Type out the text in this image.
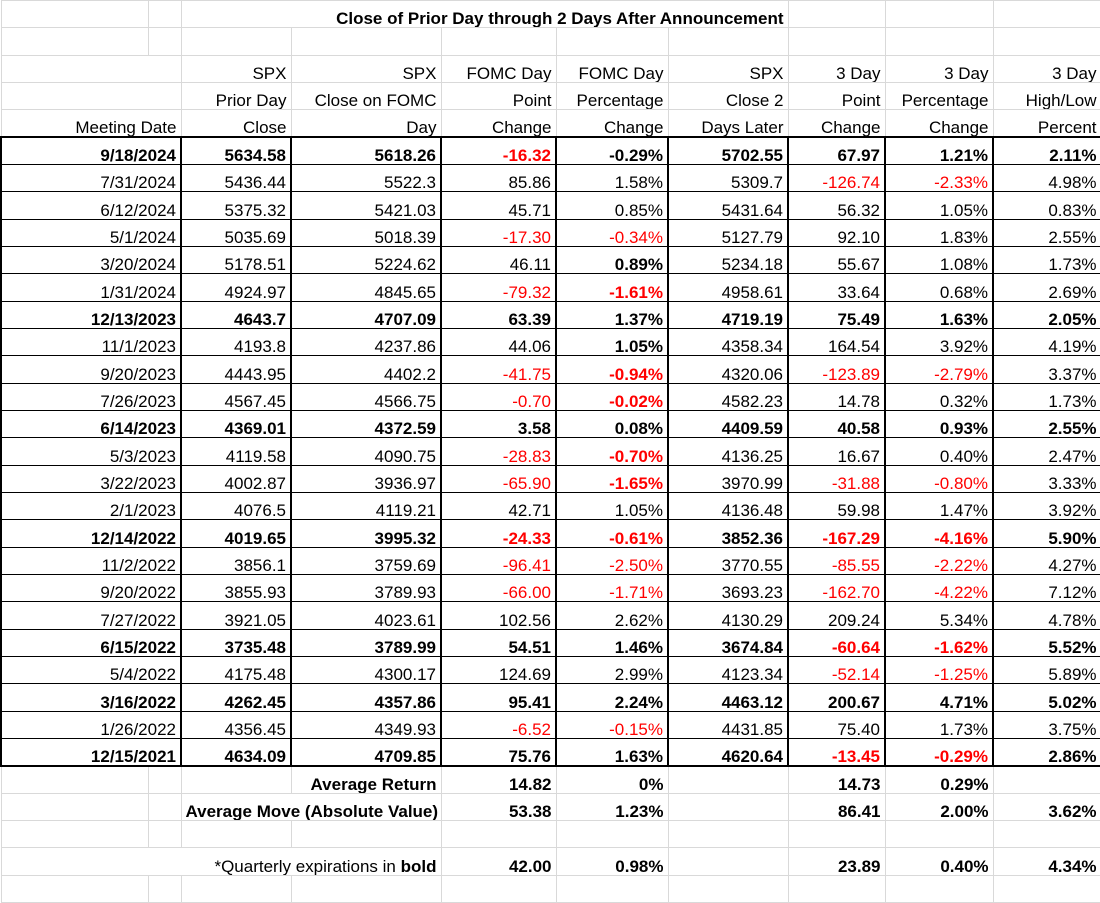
		Close of Prior Day through 2 Days After Announcement							

		SPX	SPX	FOMC Day	FOMC Day	SPX	3 Day	3 Day	3 Day
		Prior Day	Close on FOMC	Point	Percentage	Close 2	Point	Percentage	High/Low
Meeting Date		Close	Day	Change	Change	Days Later	Change	Change	Percent
9/18/2024		5634.58	5618.26	-16.32	-0.29%	5702.55	67.97	1.21%	2.11%
7/31/2024		5436.44	5522.3	85.86	1.58%	5309.7	-126.74	-2.33%	4.98%
6/12/2024		5375.32	5421.03	45.71	0.85%	5431.64	56.32	1.05%	0.83%
5/1/2024		5035.69	5018.39	-17.30	-0.34%	5127.79	92.10	1.83%	2.55%
3/20/2024		5178.51	5224.62	46.11	0.89%	5234.18	55.67	1.08%	1.73%
1/31/2024		4924.97	4845.65	-79.32	-1.61%	4958.61	33.64	0.68%	2.69%
12/13/2023		4643.7	4707.09	63.39	1.37%	4719.19	75.49	1.63%	2.05%
11/1/2023		4193.8	4237.86	44.06	1.05%	4358.34	164.54	3.92%	4.19%
9/20/2023		4443.95	4402.2	-41.75	-0.94%	4320.06	-123.89	-2.79%	3.37%
7/26/2023		4567.45	4566.75	-0.70	-0.02%	4582.23	14.78	0.32%	1.73%
6/14/2023		4369.01	4372.59	3.58	0.08%	4409.59	40.58	0.93%	2.55%
5/3/2023		4119.58	4090.75	-28.83	-0.70%	4136.25	16.67	0.40%	2.47%
3/22/2023		4002.87	3936.97	-65.90	-1.65%	3970.99	-31.88	-0.80%	3.33%
2/1/2023		4076.5	4119.21	42.71	1.05%	4136.48	59.98	1.47%	3.92%
12/14/2022		4019.65	3995.32	-24.33	-0.61%	3852.36	-167.29	-4.16%	5.90%
11/2/2022		3856.1	3759.69	-96.41	-2.50%	3770.55	-85.55	-2.22%	4.27%
9/20/2022		3855.93	3789.93	-66.00	-1.71%	3693.23	-162.70	-4.22%	7.12%
7/27/2022		3921.05	4023.61	102.56	2.62%	4130.29	209.24	5.34%	4.78%
6/15/2022		3735.48	3789.99	54.51	1.46%	3674.84	-60.64	-1.62%	5.52%
5/4/2022		4175.48	4300.17	124.69	2.99%	4123.34	-52.14	-1.25%	5.89%
3/16/2022		4262.45	4357.86	95.41	2.24%	4463.12	200.67	4.71%	5.02%
1/26/2022		4356.45	4349.93	-6.52	-0.15%	4431.85	75.40	1.73%	3.75%
12/15/2021		4634.09	4709.85	75.76	1.63%	4620.64	-13.45	-0.29%	2.86%
			Average Return	14.82	0%		14.73	0.29%	
		Average Move (Absolute Value)		53.38	1.23%		86.41	2.00%	3.62%

*Quarterly expirations in bold				42.00	0.98%		23.89	0.40%	4.34%
